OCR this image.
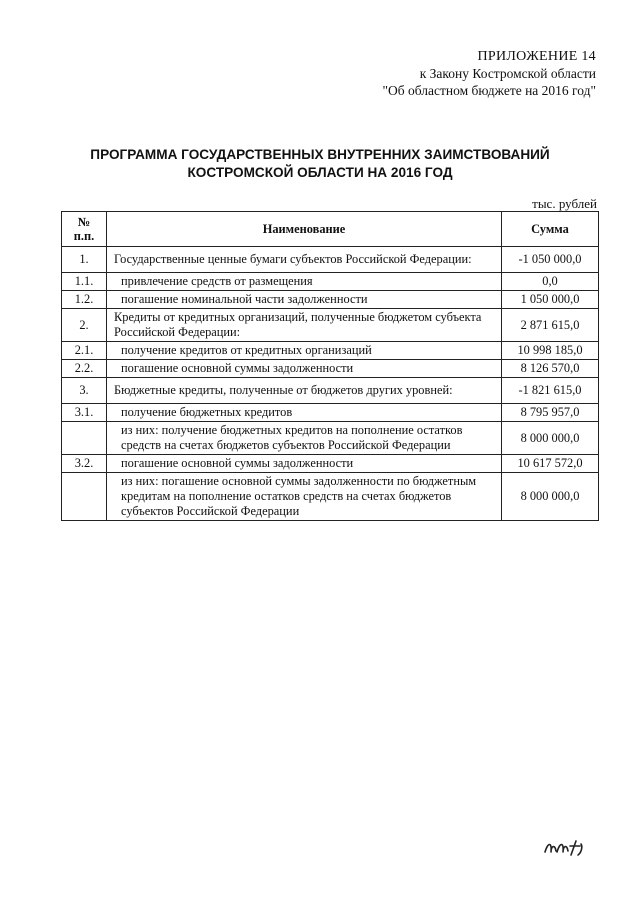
ПРИЛОЖЕНИЕ 14
к Закону Костромской области
"Об областном бюджете на 2016 год"
ПРОГРАММА ГОСУДАРСТВЕННЫХ ВНУТРЕННИХ ЗАИМСТВОВАНИЙ
КОСТРОМСКОЙ ОБЛАСТИ НА 2016 ГОД
тыс. рублей
№
п.п.	Наименование	Сумма
1.	Государственные ценные бумаги субъектов Российской Федерации:	-1 050 000,0
1.1.	привлечение средств от размещения	0,0
1.2.	погашение номинальной части задолженности	1 050 000,0
2.	Кредиты от кредитных организаций, полученные бюджетом субъекта Российской Федерации:	2 871 615,0
2.1.	получение кредитов от кредитных организаций	10 998 185,0
2.2.	погашение основной суммы задолженности	8 126 570,0
3.	Бюджетные кредиты, полученные от бюджетов других уровней:	-1 821 615,0
3.1.	получение бюджетных кредитов	8 795 957,0
	из них: получение бюджетных кредитов на пополнение остатков средств на счетах бюджетов субъектов Российской Федерации	8 000 000,0
3.2.	погашение основной суммы задолженности	10 617 572,0
	из них: погашение основной суммы задолженности по бюджетным кредитам на пополнение остатков средств на счетах бюджетов субъектов Российской Федерации	8 000 000,0
